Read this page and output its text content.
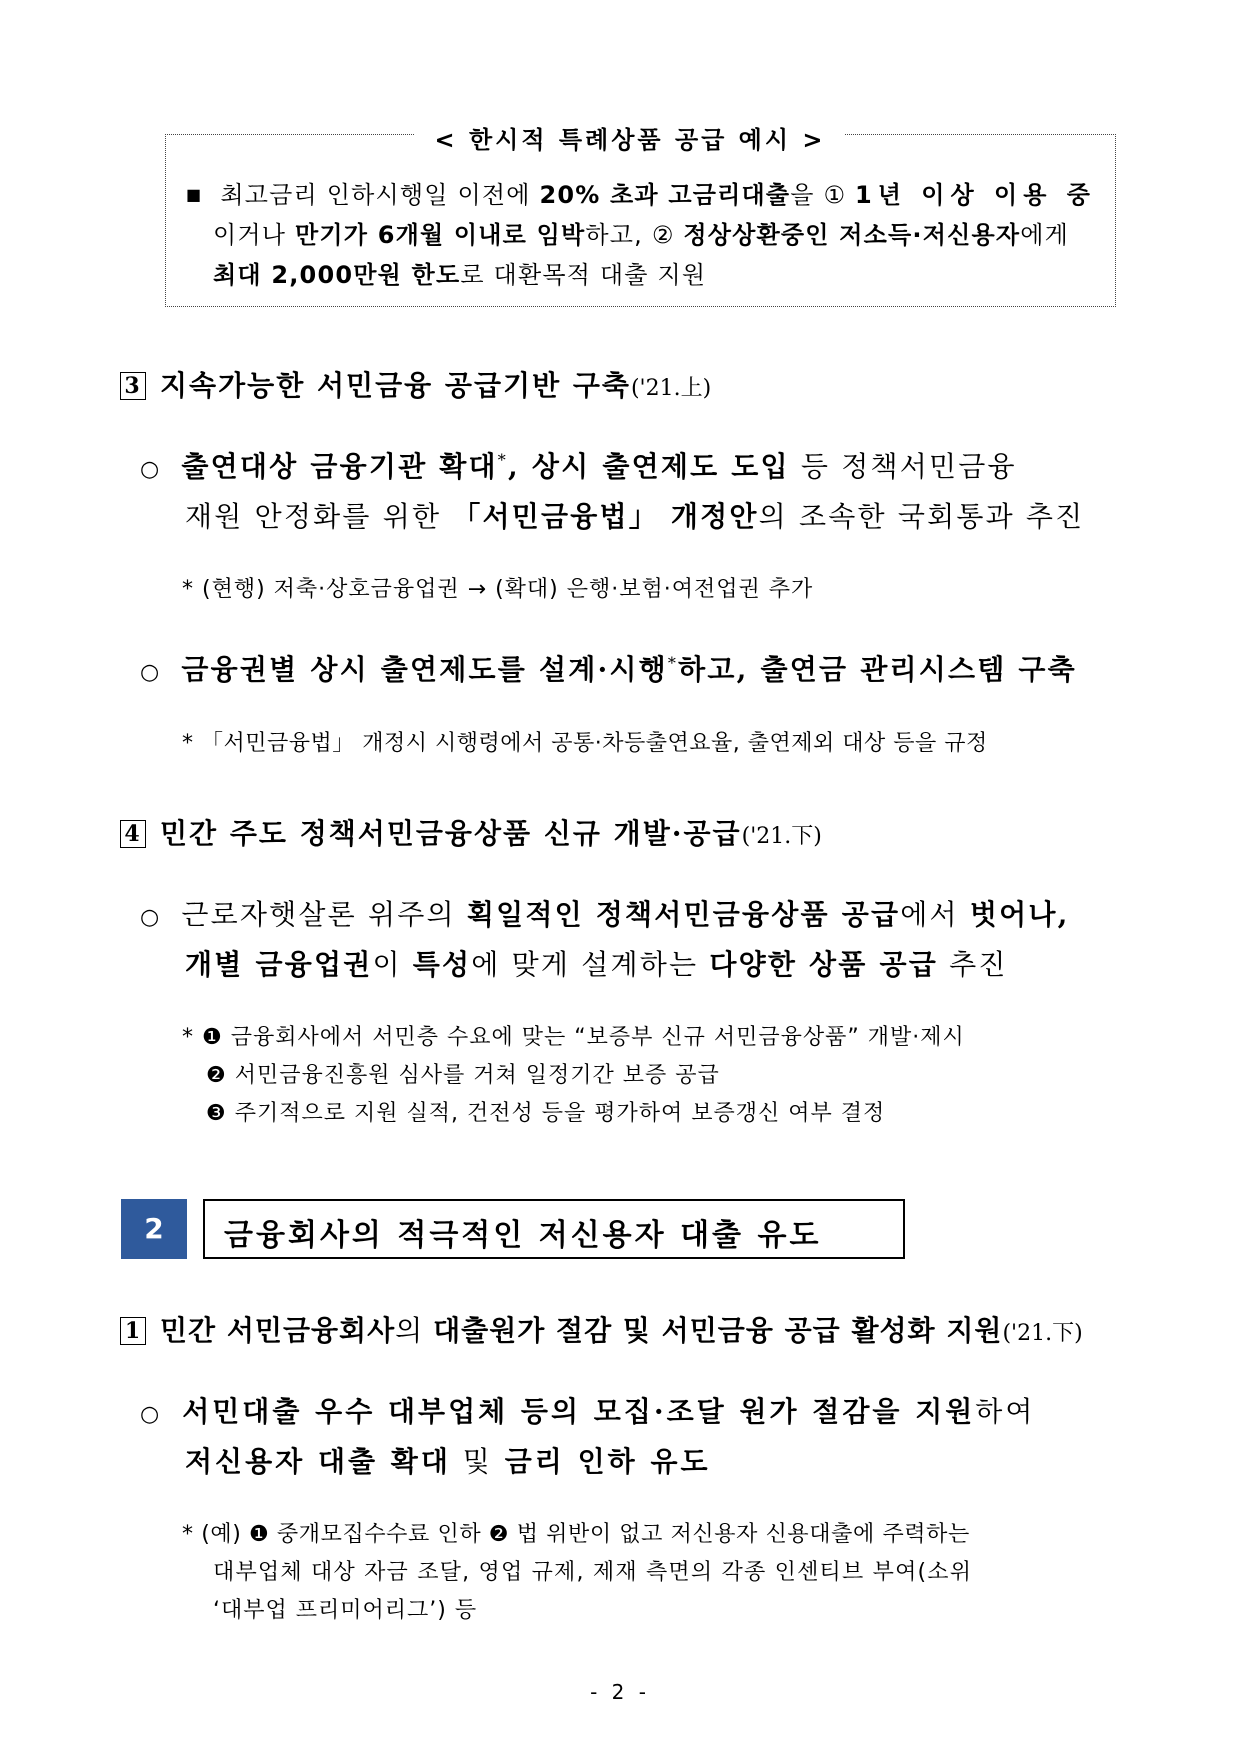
< 한시적 특례상품 공급 예시 >
■ 최고금리 인하시행일 이전에 20% 초과 고금리대출을 ① 1년 이상 이용 중
이거나 만기가 6개월 이내로 임박하고, ② 정상상환중인 저소득·저신용자에게
최대 2,000만원 한도로 대환목적 대출 지원
3 지속가능한 서민금융 공급기반 구축('21.上)
○ 출연대상 금융기관 확대*, 상시 출연제도 도입 등 정책서민금융
재원 안정화를 위한 「서민금융법」 개정안의 조속한 국회통과 추진
* (현행) 저축·상호금융업권 → (확대) 은행·보험·여전업권 추가
○ 금융권별 상시 출연제도를 설계·시행*하고, 출연금 관리시스템 구축
* 「서민금융법」 개정시 시행령에서 공통·차등출연요율, 출연제외 대상 등을 규정
4 민간 주도 정책서민금융상품 신규 개발·공급('21.下)
○ 근로자햇살론 위주의 획일적인 정책서민금융상품 공급에서 벗어나,
개별 금융업권이 특성에 맞게 설계하는 다양한 상품 공급 추진
* ❶ 금융회사에서 서민층 수요에 맞는 “보증부 신규 서민금융상품” 개발·제시
❷ 서민금융진흥원 심사를 거쳐 일정기간 보증 공급
❸ 주기적으로 지원 실적, 건전성 등을 평가하여 보증갱신 여부 결정
2	금융회사의 적극적인 저신용자 대출 유도
1 민간 서민금융회사의 대출원가 절감 및 서민금융 공급 활성화 지원('21.下)
○ 서민대출 우수 대부업체 등의 모집·조달 원가 절감을 지원하여
저신용자 대출 확대 및 금리 인하 유도
* (예) ❶ 중개모집수수료 인하 ❷ 법 위반이 없고 저신용자 신용대출에 주력하는
대부업체 대상 자금 조달, 영업 규제, 제재 측면의 각종 인센티브 부여(소위
‘대부업 프리미어리그’) 등
- 2 -
